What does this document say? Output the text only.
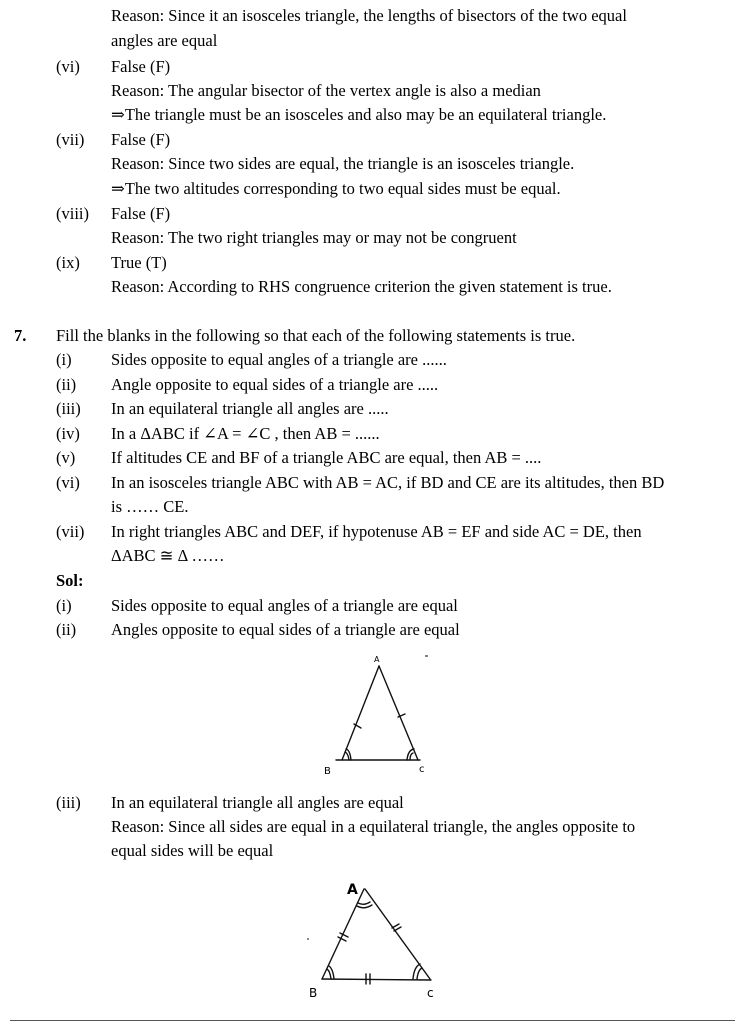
Reason: Since it an isosceles triangle, the lengths of bisectors of the two equal
angles are equal
(vi) False (F)
Reason: The angular bisector of the vertex angle is also a median
⇒The triangle must be an isosceles and also may be an equilateral triangle.
(vii) False (F)
Reason: Since two sides are equal, the triangle is an isosceles triangle.
⇒The two altitudes corresponding to two equal sides must be equal.
(viii) False (F)
Reason: The two right triangles may or may not be congruent
(ix) True (T)
Reason: According to RHS congruence criterion the given statement is true.
7. Fill the blanks in the following so that each of the following statements is true.
(i) Sides opposite to equal angles of a triangle are ......
(ii) Angle opposite to equal sides of a triangle are .....
(iii) In an equilateral triangle all angles are .....
(iv) In a ΔABC if ∠A = ∠C , then AB = ......
(v) If altitudes CE and BF of a triangle ABC are equal, then AB = ....
(vi) In an isosceles triangle ABC with AB = AC, if BD and CE are its altitudes, then BD
is …… CE.
(vii) In right triangles ABC and DEF, if hypotenuse AB = EF and side AC = DE, then
ΔABC ≅ Δ ……
Sol:
(i) Sides opposite to equal angles of a triangle are equal
(ii) Angles opposite to equal sides of a triangle are equal
A
B	c
(iii) In an equilateral triangle all angles are equal
Reason: Since all sides are equal in a equilateral triangle, the angles opposite to
equal sides will be equal
A
B	c
